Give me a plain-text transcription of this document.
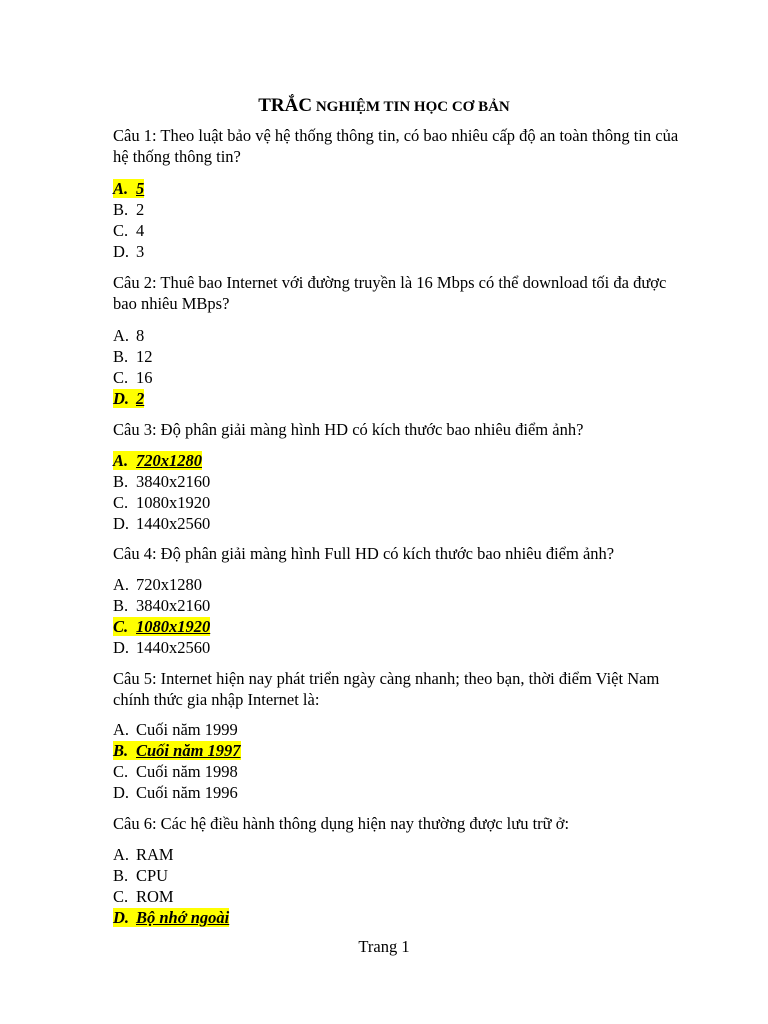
TRẮC NGHIỆM TIN HỌC CƠ BẢN

Câu 1: Theo luật bảo vệ hệ thống thông tin, có bao nhiêu cấp độ an toàn thông tin của hệ thống thông tin?

A. 5
B. 2
C. 4
D. 3

Câu 2: Thuê bao Internet với đường truyền là 16 Mbps có thể download tối đa được bao nhiêu MBps?

A. 8
B. 12
C. 16
D. 2

Câu 3: Độ phân giải màng hình HD có kích thước bao nhiêu điểm ảnh?

A. 720x1280
B. 3840x2160
C. 1080x1920
D. 1440x2560

Câu 4: Độ phân giải màng hình Full HD có kích thước bao nhiêu điểm ảnh?

A. 720x1280
B. 3840x2160
C. 1080x1920
D. 1440x2560

Câu 5: Internet hiện nay phát triển ngày càng nhanh; theo bạn, thời điểm Việt Nam chính thức gia nhập Internet là:

A. Cuối năm 1999
B. Cuối năm 1997
C. Cuối năm 1998
D. Cuối năm 1996

Câu 6: Các hệ điều hành thông dụng hiện nay thường được lưu trữ ở:

A. RAM
B. CPU
C. ROM
D. Bộ nhớ ngoài
Trang 1
